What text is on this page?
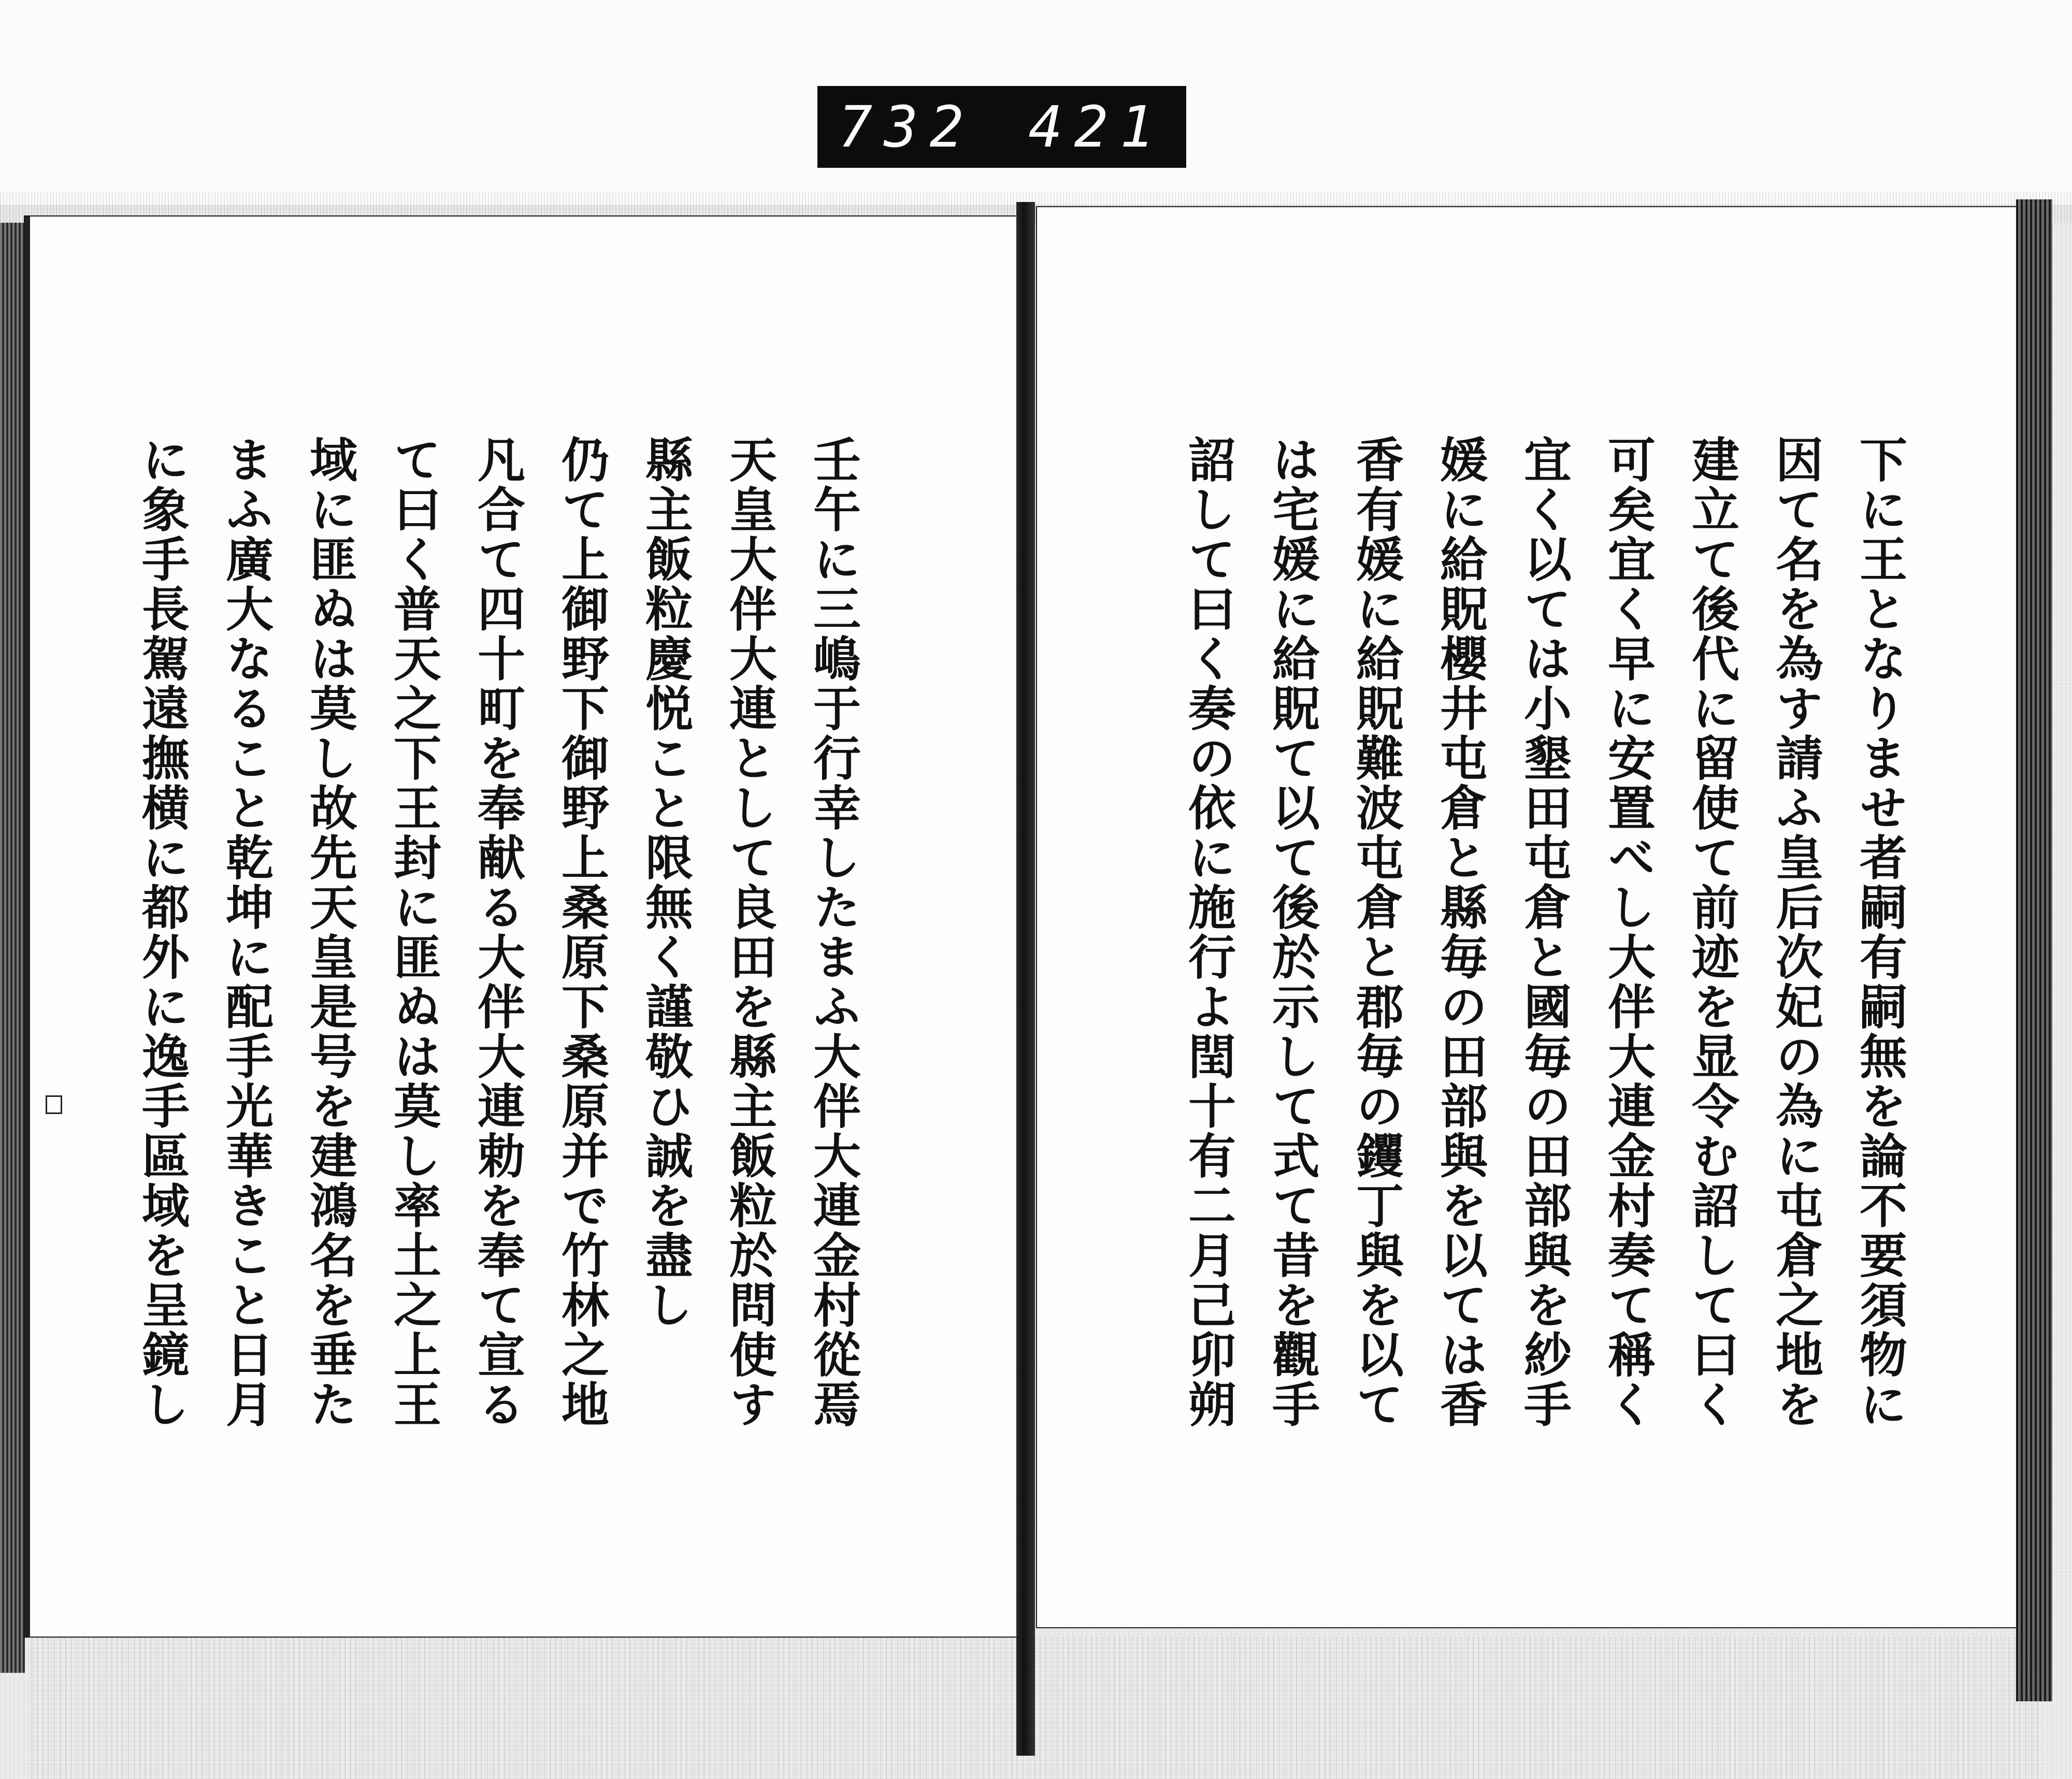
732 421
下に王となりませ者嗣有嗣無を論不要須物に
因て名を為す請ふ皇后次妃の為に屯倉之地を
建立て後代に留使て前迹を显令む詔して曰く
可矣宜く早に安置べし大伴大連金村奏て稱く
宜く以ては小墾田屯倉と國毎の田部與を紗手
媛に給貺櫻井屯倉と縣毎の田部與を以ては香
香有媛に給貺難波屯倉と郡毎の钁丁與を以て
は宅媛に給貺て以て後於示して式て昔を觀手
詔して曰く奏の依に施行よ閏十有二月己卯朔
壬午に三嶋于行幸したまふ大伴大連金村從焉
天皇大伴大連として良田を縣主飯粒於問使す
縣主飯粒慶悦こと限無く謹敬ひ誠を盡し
仍て上御野下御野上桑原下桑原并で竹林之地
凡合て四十町を奉献る大伴大連勅を奉て宣る
て曰く普天之下王封に匪ぬは莫し率土之上王
域に匪ぬは莫し故先天皇是号を建鴻名を垂た
まふ廣大なること乾坤に配手光華きこと日月
に象手長駕遠撫横に都外に逸手區域を呈鏡し
